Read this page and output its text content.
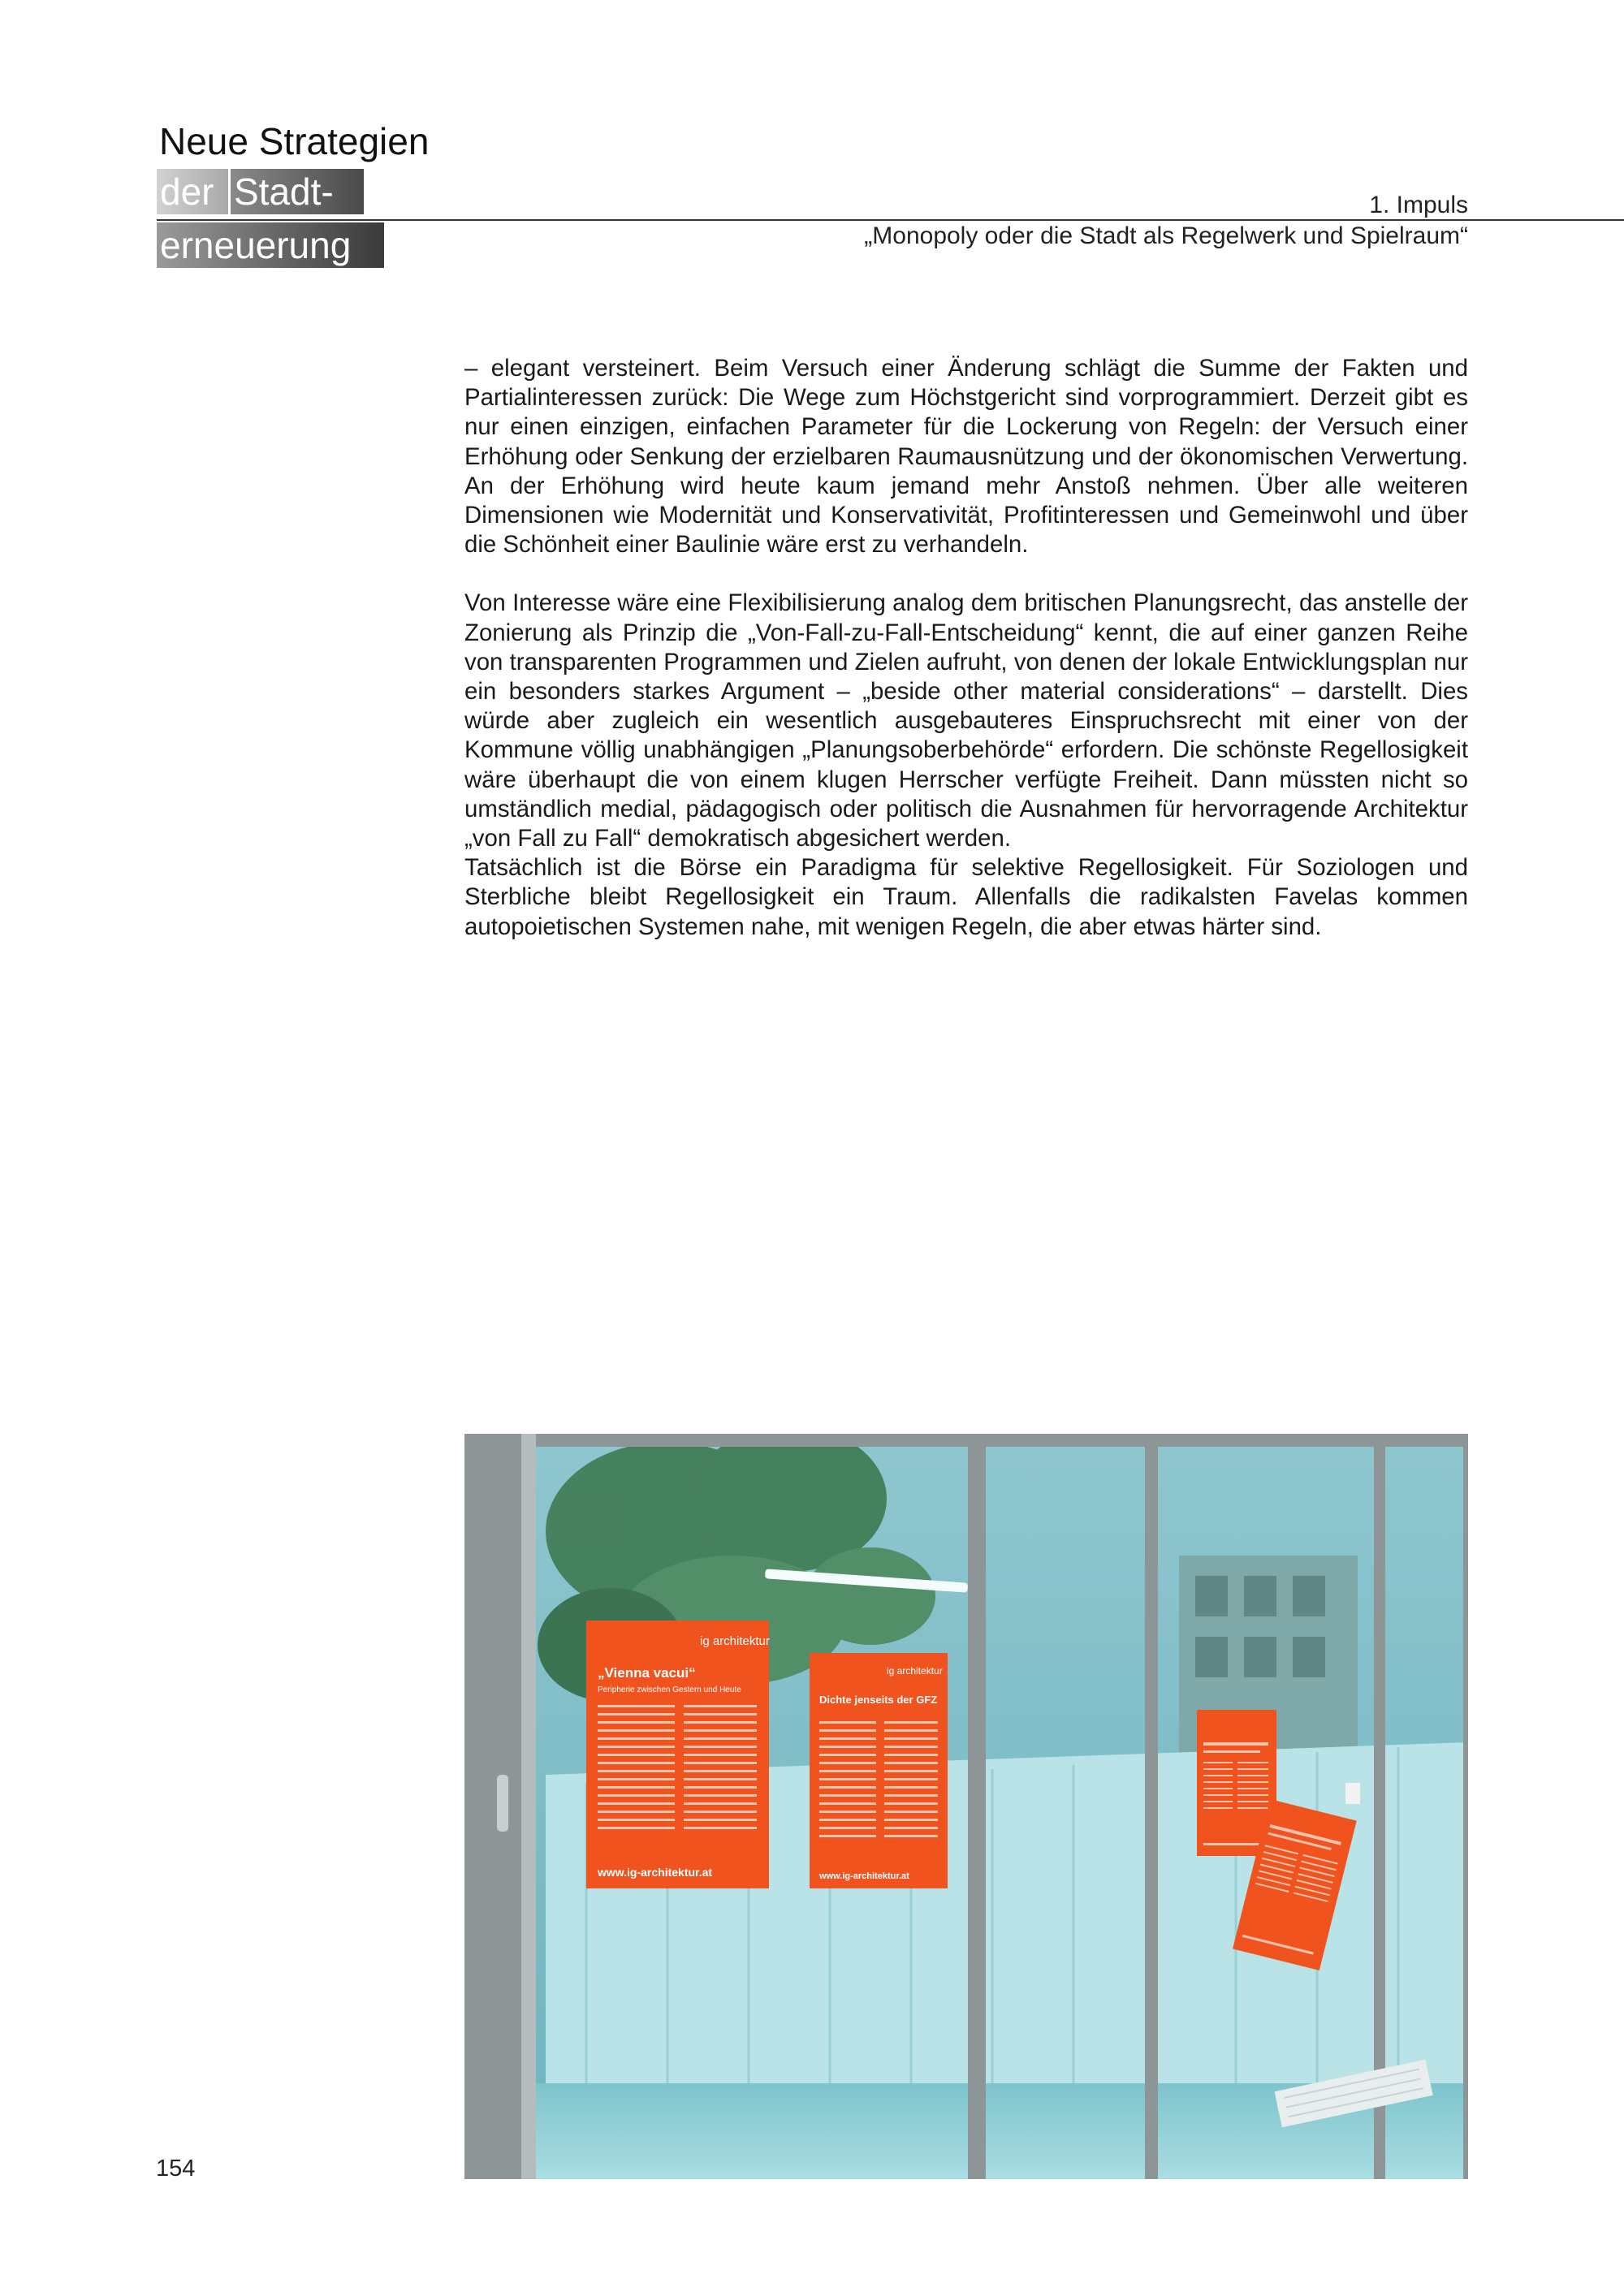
Neue Strategien
der Stadt-
erneuerung
1. Impuls
„Monopoly oder die Stadt als Regelwerk und Spielraum“

– elegant versteinert. Beim Versuch einer Änderung schlägt die Summe der Fakten und Partialinteressen zurück: Die Wege zum Höchstgericht sind vorprogrammiert. Derzeit gibt es nur einen einzigen, einfachen Parameter für die Lockerung von Regeln: der Versuch einer Erhöhung oder Senkung der erzielbaren Raumausnützung und der ökonomischen Verwertung. An der Erhöhung wird heute kaum jemand mehr Anstoß nehmen. Über alle weiteren Dimensionen wie Modernität und Konservativität, Profitinteressen und Gemeinwohl und über die Schönheit einer Baulinie wäre erst zu verhandeln.

Von Interesse wäre eine Flexibilisierung analog dem britischen Planungsrecht, das anstelle der Zonierung als Prinzip die „Von-Fall-zu-Fall-Entscheidung“ kennt, die auf einer ganzen Reihe von transparenten Programmen und Zielen aufruht, von denen der lokale Entwicklungsplan nur ein besonders starkes Argument – „beside other material considerations“ – darstellt. Dies würde aber zugleich ein wesentlich ausgebauteres Einspruchsrecht mit einer von der Kommune völlig unabhängigen „Planungsoberbehörde“ erfordern. Die schönste Regellosigkeit wäre überhaupt die von einem klugen Herrscher verfügte Freiheit. Dann müssten nicht so umständlich medial, pädagogisch oder politisch die Ausnahmen für hervorragende Architektur „von Fall zu Fall“ demokratisch abgesichert werden.

Tatsächlich ist die Börse ein Paradigma für selektive Regellosigkeit. Für Soziologen und Sterbliche bleibt Regellosigkeit ein Traum. Allenfalls die radikalsten Favelas kommen autopoietischen Systemen nahe, mit wenigen Regeln, die aber etwas härter sind.

ig architektur
„Vienna vacui“
Peripherie zwischen Gestern und Heute
www.ig-architektur.at
ig architektur
Dichte jenseits der GFZ
www.ig-architektur.at
154
